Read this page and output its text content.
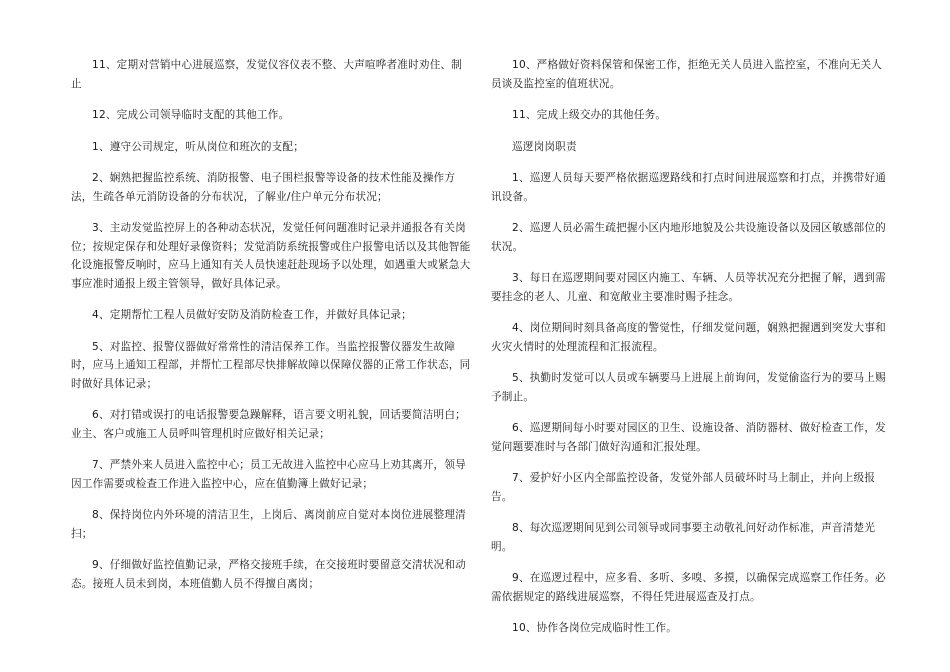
11、定期对营销中心进展巡察，发觉仪容仪表不整、大声喧哗者准时劝住、制止

12、完成公司领导临时支配的其他工作。

1、遵守公司规定，听从岗位和班次的支配；

2、娴熟把握监控系统、消防报警、电子围栏报警等设备的技术性能及操作方法，生疏各单元消防设备的分布状况，了解业/住户单元分布状况；

3、主动发觉监控屏上的各种动态状况，发觉任何问题准时记录并通报各有关岗位；按规定保存和处理好录像资料；发觉消防系统报警或住户报警电话以及其他智能化设施报警反响时，应马上通知有关人员快速赶赴现场予以处理，如遇重大或紧急大事应准时通报上级主管领导，做好具体记录。

4、定期帮忙工程人员做好安防及消防检查工作，并做好具体记录；

5、对监控、报警仪器做好常常性的清洁保养工作。当监控报警仪器发生故障时，应马上通知工程部，并帮忙工程部尽快排解故障以保障仪器的正常工作状态，同时做好具体记录；

6、对打错或误打的电话报警要急躁解释，语言要文明礼貌，回话要简洁明白；业主、客户或施工人员呼叫管理机时应做好相关记录；

7、严禁外来人员进入监控中心；员工无故进入监控中心应马上劝其离开，领导因工作需要或检查工作进入监控中心，应在值勤簿上做好记录；

8、保持岗位内外环境的清洁卫生，上岗后、离岗前应自觉对本岗位进展整理清扫；

9、仔细做好监控值勤记录，严格交接班手续，在交接班时要留意交清状况和动态。接班人员未到岗，本班值勤人员不得擅自离岗；

10、严格做好资料保管和保密工作，拒绝无关人员进入监控室，不准向无关人员谈及监控室的值班状况。

11、完成上级交办的其他任务。

巡逻岗岗职责

1、巡逻人员每天要严格依据巡逻路线和打点时间进展巡察和打点，并携带好通讯设备。

2、巡逻人员必需生疏把握小区内地形地貌及公共设施设备以及园区敏感部位的状况。

3、每日在巡逻期间要对园区内施工、车辆、人员等状况充分把握了解，遇到需要挂念的老人、儿童、和宽敞业主要准时赐予挂念。

4、岗位期间时刻具备高度的警觉性，仔细发觉问题，娴熟把握遇到突发大事和火灾火情时的处理流程和汇报流程。

5、执勤时发觉可以人员或车辆要马上进展上前询问，发觉偷盗行为的要马上赐予制止。

6、巡逻期间每小时要对园区的卫生、设施设备、消防器材、做好检查工作，发觉问题要准时与各部门做好沟通和汇报处理。

7、爱护好小区内全部监控设备，发觉外部人员破坏时马上制止，并向上级报告。

8、每次巡逻期间见到公司领导或同事要主动敬礼问好动作标准，声音清楚光明。

9、在巡逻过程中，应多看、多听、多嗅、多摸，以确保完成巡察工作任务。必需依据规定的路线进展巡察，不得任凭进展巡查及打点。

10、协作各岗位完成临时性工作。
